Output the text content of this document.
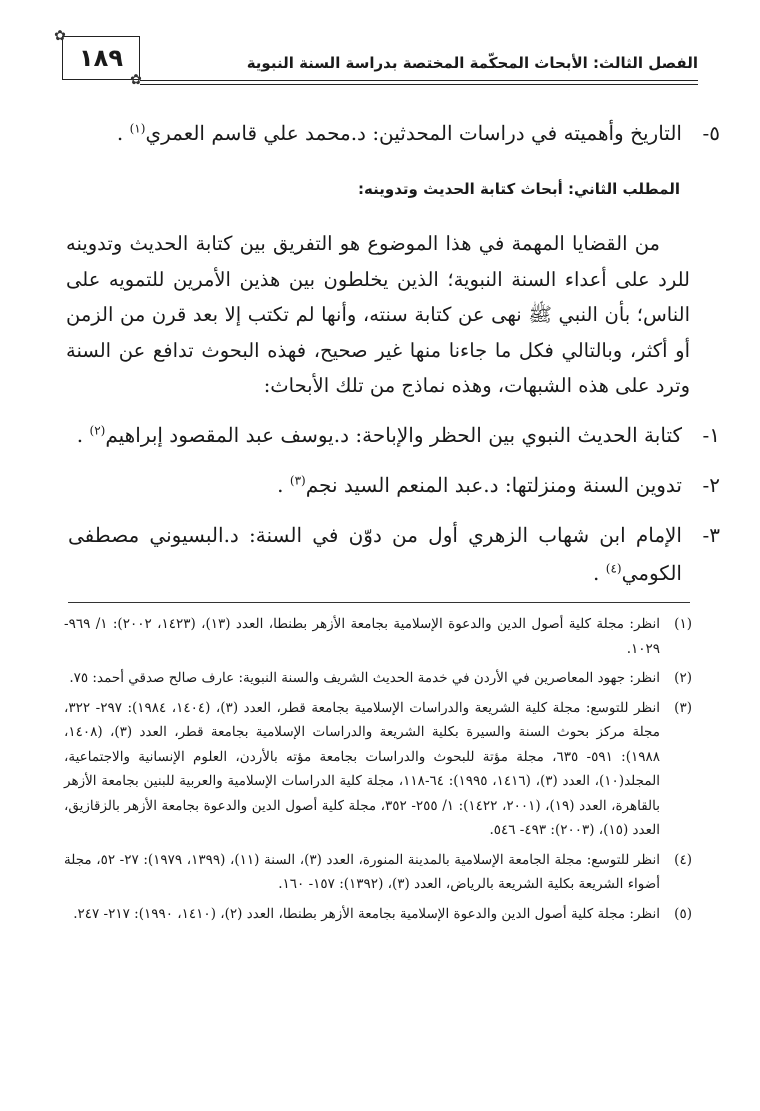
١٨٩
✿
✿
الفصل الثالث: الأبحاث المحكّمة المختصة بدراسة السنة النبوية
٥-
التاريخ وأهميته في دراسات المحدثين: د.محمد علي قاسم العمري$^{(١)}$ .
المطلب الثاني: أبحاث كتابة الحديث وتدوينه:
من القضايا المهمة في هذا الموضوع هو التفريق بين كتابة الحديث وتدوينه للرد على أعداء السنة النبوية؛ الذين يخلطون بين هذين الأمرين للتمويه على الناس؛ بأن النبي ﷺ نهى عن كتابة سنته، وأنها لم تكتب إلا بعد قرن من الزمن أو أكثر، وبالتالي فكل ما جاءنا منها غير صحيح، فهذه البحوث تدافع عن السنة وترد على هذه الشبهات، وهذه نماذج من تلك الأبحاث:
١-
كتابة الحديث النبوي بين الحظر والإباحة: د.يوسف عبد المقصود إبراهيم$^{(٢)}$ .
٢-
تدوين السنة ومنزلتها: د.عبد المنعم السيد نجم$^{(٣)}$ .
٣-
الإمام ابن شهاب الزهري أول من دوّن في السنة: د.البسيوني مصطفى الكومي$^{(٤)}$ .
(١)
انظر: مجلة كلية أصول الدين والدعوة الإسلامية بجامعة الأزهر بطنطا، العدد (١٣)، (١٤٢٣، ٢٠٠٢): ١/ ٩٦٩- ١٠٢٩.
(٢)
انظر: جهود المعاصرين في الأردن في خدمة الحديث الشريف والسنة النبوية: عارف صالح صدقي أحمد: ٧٥.
(٣)
انظر للتوسع: مجلة كلية الشريعة والدراسات الإسلامية بجامعة قطر، العدد (٣)، (١٤٠٤، ١٩٨٤): ٢٩٧- ٣٢٢، مجلة مركز بحوث السنة والسيرة بكلية الشريعة والدراسات الإسلامية بجامعة قطر، العدد (٣)، (١٤٠٨، ١٩٨٨): ٥٩١- ٦٣٥، مجلة مؤتة للبحوث والدراسات بجامعة مؤته بالأردن، العلوم الإنسانية والاجتماعية، المجلد(١٠)، العدد (٣)، (١٤١٦، ١٩٩٥): ٦٤-١١٨، مجلة كلية الدراسات الإسلامية والعربية للبنين بجامعة الأزهر بالقاهرة، العدد (١٩)، (٢٠٠١، ١٤٢٢): ١/ ٢٥٥- ٣٥٢، مجلة كلية أصول الدين والدعوة بجامعة الأزهر بالزقازيق، العدد (١٥)، (٢٠٠٣): ٤٩٣- ٥٤٦.
(٤)
انظر للتوسع: مجلة الجامعة الإسلامية بالمدينة المنورة، العدد (٣)، السنة (١١)، (١٣٩٩، ١٩٧٩): ٢٧- ٥٢، مجلة أضواء الشريعة بكلية الشريعة بالرياض، العدد (٣)، (١٣٩٢): ١٥٧- ١٦٠.
(٥)
انظر: مجلة كلية أصول الدين والدعوة الإسلامية بجامعة الأزهر بطنطا، العدد (٢)، (١٤١٠، ١٩٩٠): ٢١٧- ٢٤٧.
